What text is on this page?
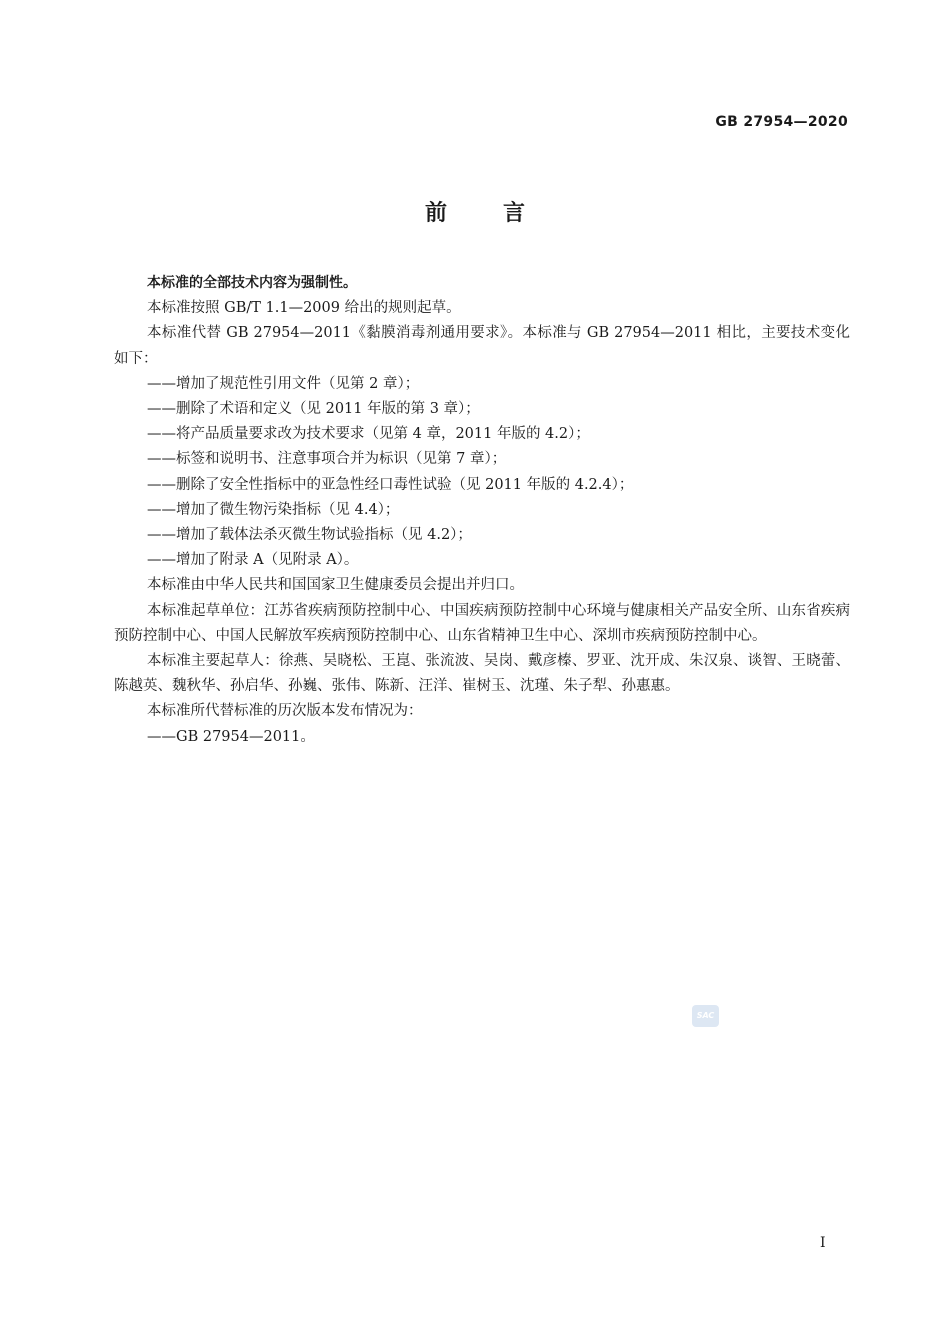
GB 27954—2020
前言

本标准的全部技术内容为强制性。

本标准按照 GB/T 1.1—2009 给出的规则起草。

本标准代替 GB 27954—2011《黏膜消毒剂通用要求》。本标准与 GB 27954—2011 相比，主要技术变化如下：

——增加了规范性引用文件（见第 2 章）；
——删除了术语和定义（见 2011 年版的第 3 章）；
——将产品质量要求改为技术要求（见第 4 章，2011 年版的 4.2）；
——标签和说明书、注意事项合并为标识（见第 7 章）；
——删除了安全性指标中的亚急性经口毒性试验（见 2011 年版的 4.2.4）；
——增加了微生物污染指标（见 4.4）；
——增加了载体法杀灭微生物试验指标（见 4.2）；
——增加了附录 A（见附录 A）。

本标准由中华人民共和国国家卫生健康委员会提出并归口。

本标准起草单位：江苏省疾病预防控制中心、中国疾病预防控制中心环境与健康相关产品安全所、山东省疾病预防控制中心、中国人民解放军疾病预防控制中心、山东省精神卫生中心、深圳市疾病预防控制中心。

本标准主要起草人：徐燕、吴晓松、王崑、张流波、吴岗、戴彦榛、罗亚、沈开成、朱汉泉、谈智、王晓蕾、陈越英、魏秋华、孙启华、孙巍、张伟、陈新、汪洋、崔树玉、沈瑾、朱子犁、孙惠惠。

本标准所代替标准的历次版本发布情况为：

——GB 27954—2011。
SAC
I
